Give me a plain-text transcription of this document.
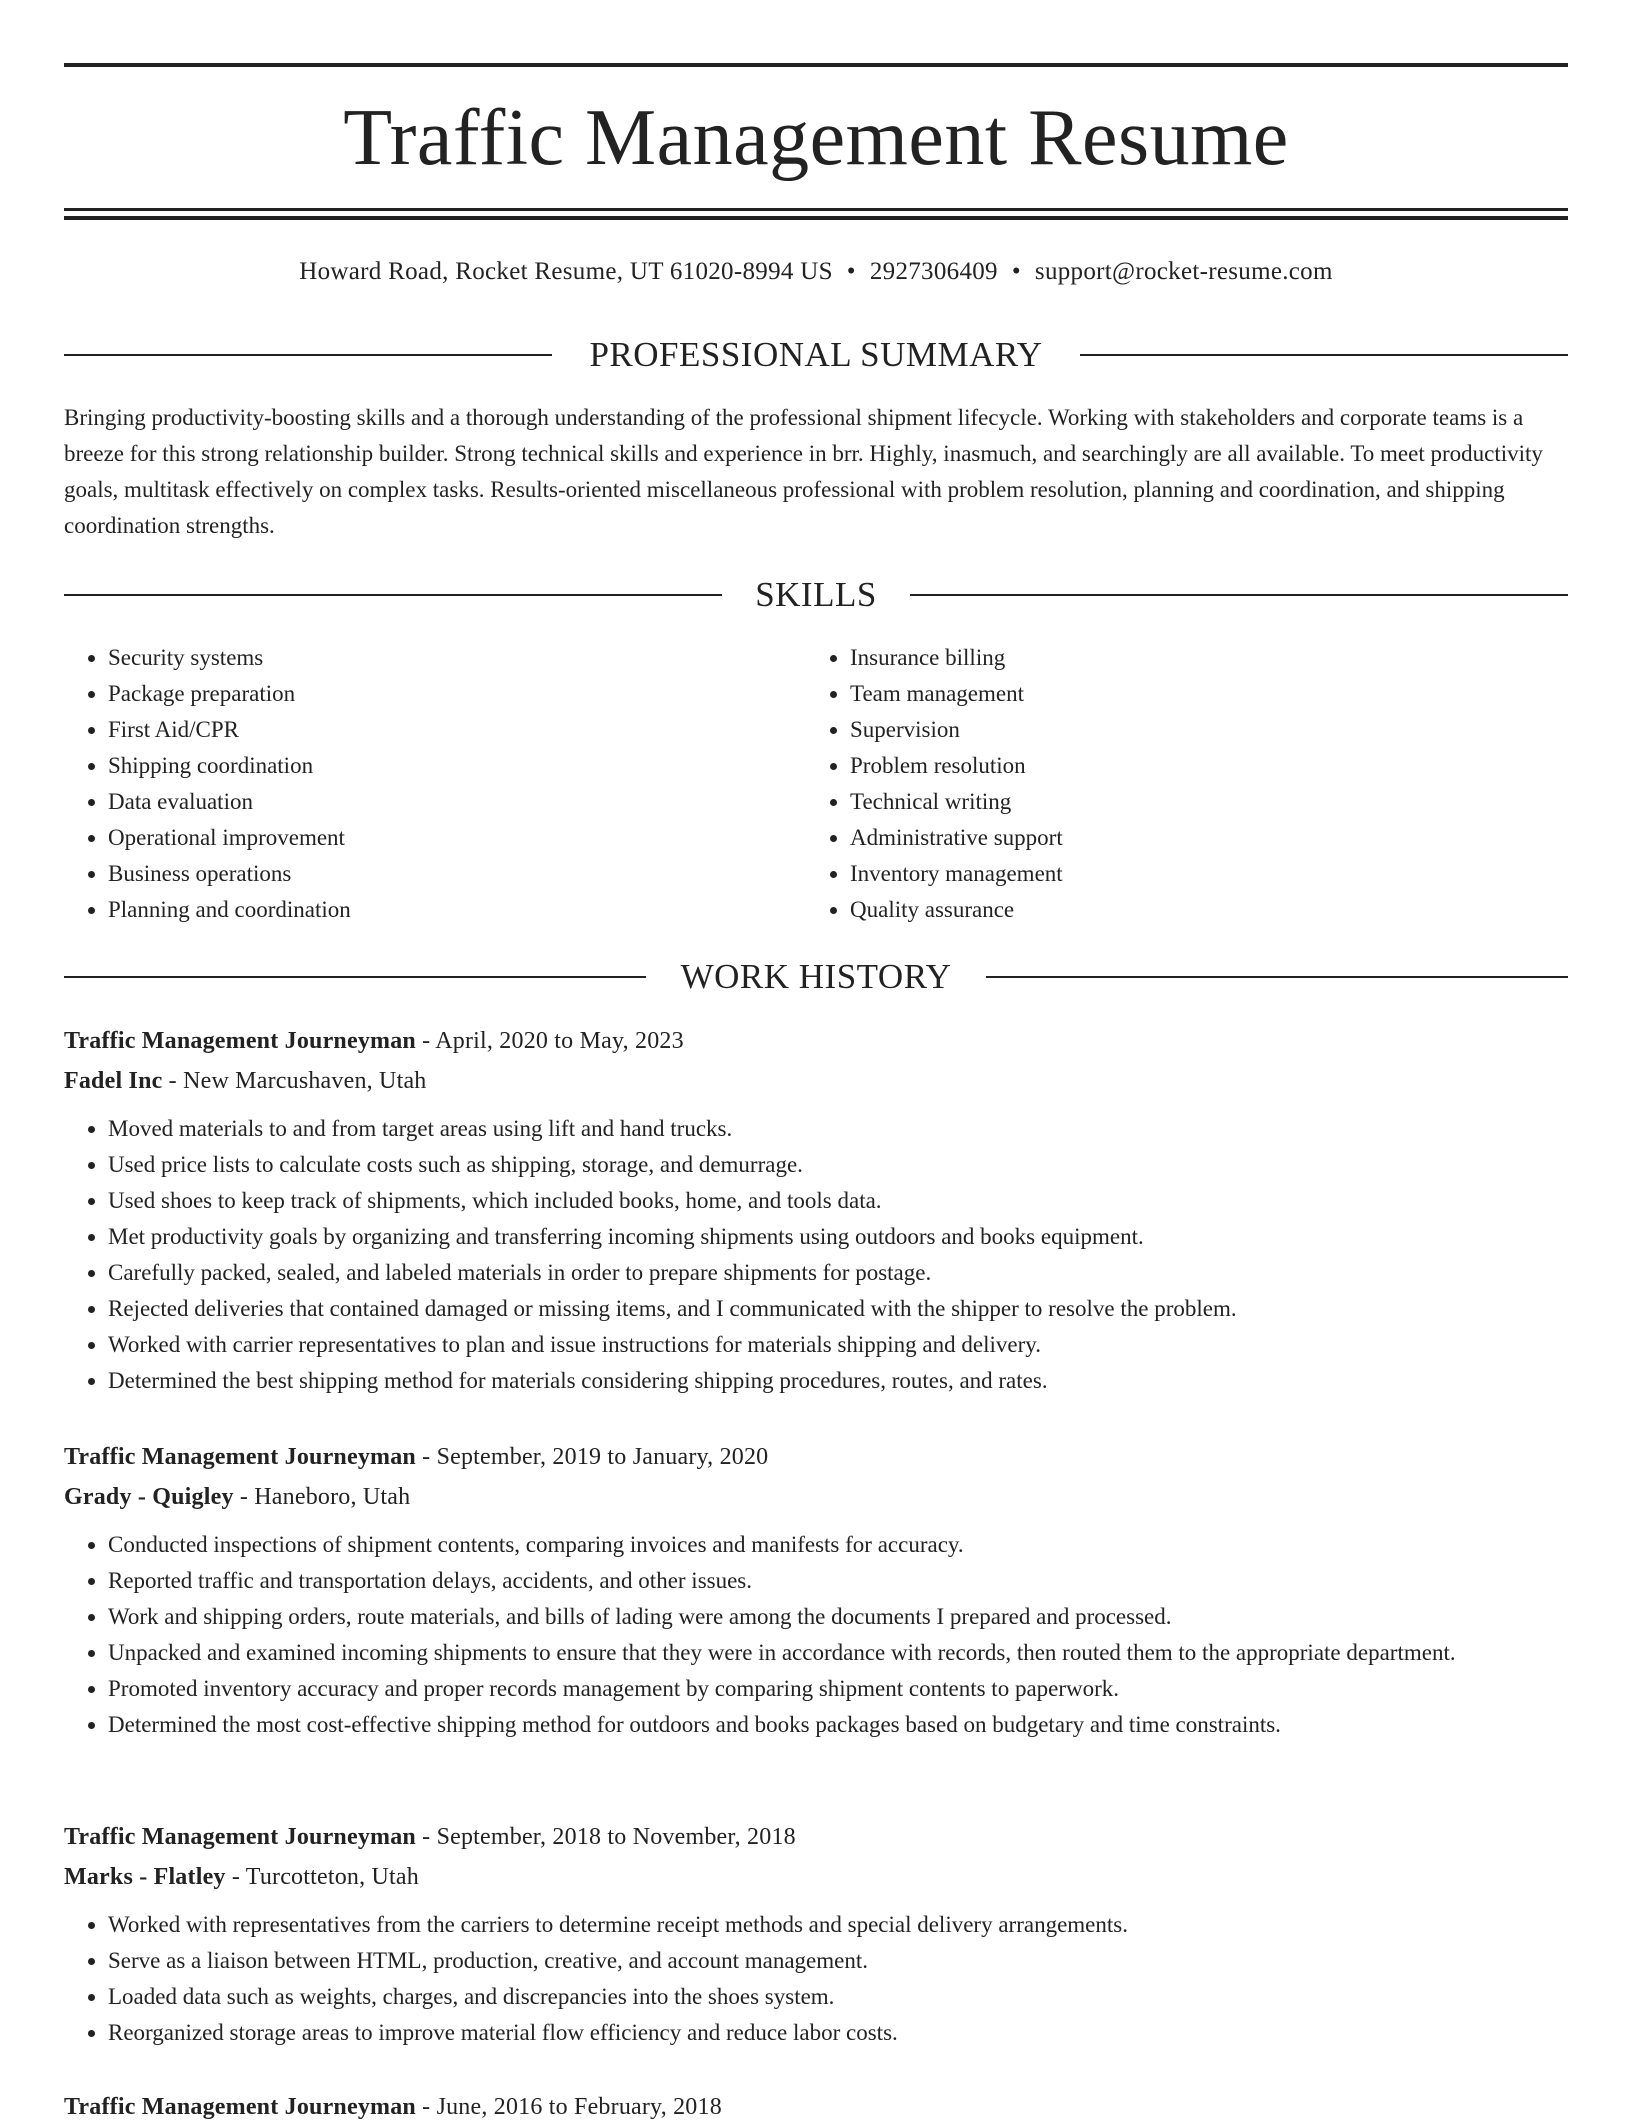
Traffic Management Resume
Howard Road, Rocket Resume, UT 61020-8994 US • 2927306409 • support@rocket-resume.com
PROFESSIONAL SUMMARY

Bringing productivity-boosting skills and a thorough understanding of the professional shipment lifecycle. Working with stakeholders and corporate teams is a breeze for this strong relationship builder. Strong technical skills and experience in brr. Highly, inasmuch, and searchingly are all available. To meet productivity goals, multitask effectively on complex tasks. Results-oriented miscellaneous professional with problem resolution, planning and coordination, and shipping coordination strengths.

SKILLS
• Security systems
• Package preparation
• First Aid/CPR
• Shipping coordination
• Data evaluation
• Operational improvement
• Business operations
• Planning and coordination
• Insurance billing
• Team management
• Supervision
• Problem resolution
• Technical writing
• Administrative support
• Inventory management
• Quality assurance
WORK HISTORY
Traffic Management Journeyman - April, 2020 to May, 2023
Fadel Inc - New Marcushaven, Utah
• Moved materials to and from target areas using lift and hand trucks.
• Used price lists to calculate costs such as shipping, storage, and demurrage.
• Used shoes to keep track of shipments, which included books, home, and tools data.
• Met productivity goals by organizing and transferring incoming shipments using outdoors and books equipment.
• Carefully packed, sealed, and labeled materials in order to prepare shipments for postage.
• Rejected deliveries that contained damaged or missing items, and I communicated with the shipper to resolve the problem.
• Worked with carrier representatives to plan and issue instructions for materials shipping and delivery.
• Determined the best shipping method for materials considering shipping procedures, routes, and rates.
Traffic Management Journeyman - September, 2019 to January, 2020
Grady - Quigley - Haneboro, Utah
• Conducted inspections of shipment contents, comparing invoices and manifests for accuracy.
• Reported traffic and transportation delays, accidents, and other issues.
• Work and shipping orders, route materials, and bills of lading were among the documents I prepared and processed.
• Unpacked and examined incoming shipments to ensure that they were in accordance with records, then routed them to the appropriate department.
• Promoted inventory accuracy and proper records management by comparing shipment contents to paperwork.
• Determined the most cost-effective shipping method for outdoors and books packages based on budgetary and time constraints.
Traffic Management Journeyman - September, 2018 to November, 2018
Marks - Flatley - Turcotteton, Utah
• Worked with representatives from the carriers to determine receipt methods and special delivery arrangements.
• Serve as a liaison between HTML, production, creative, and account management.
• Loaded data such as weights, charges, and discrepancies into the shoes system.
• Reorganized storage areas to improve material flow efficiency and reduce labor costs.
Traffic Management Journeyman - June, 2016 to February, 2018
